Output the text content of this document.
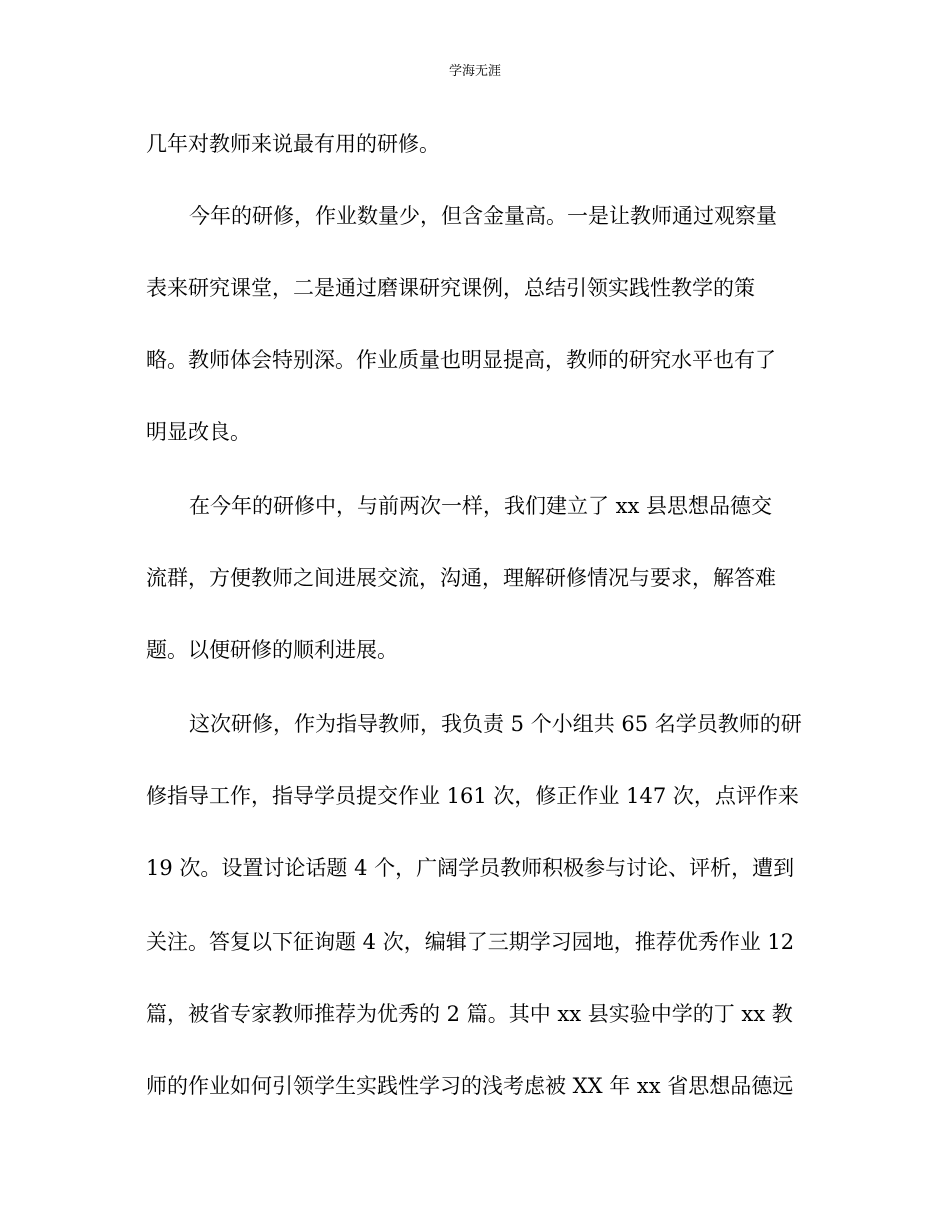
学海无涯
几年对教师来说最有用的研修。
今年的研修，作业数量少，但含金量高。一是让教师通过观察量
表来研究课堂，二是通过磨课研究课例，总结引领实践性教学的策
略。教师体会特别深。作业质量也明显提高，教师的研究水平也有了
明显改良。
在今年的研修中，与前两次一样，我们建立了 xx 县思想品德交
流群，方便教师之间进展交流，沟通，理解研修情况与要求，解答难
题。以便研修的顺利进展。
这次研修，作为指导教师，我负责 5 个小组共 65 名学员教师的研
修指导工作，指导学员提交作业 161 次，修正作业 147 次，点评作来
19 次。设置讨论话题 4 个，广阔学员教师积极参与讨论、评析，遭到
关注。答复以下征询题 4 次，编辑了三期学习园地，推荐优秀作业 12
篇，被省专家教师推荐为优秀的 2 篇。其中 xx 县实验中学的丁 xx 教
师的作业如何引领学生实践性学习的浅考虑被 XX 年 xx 省思想品德远
